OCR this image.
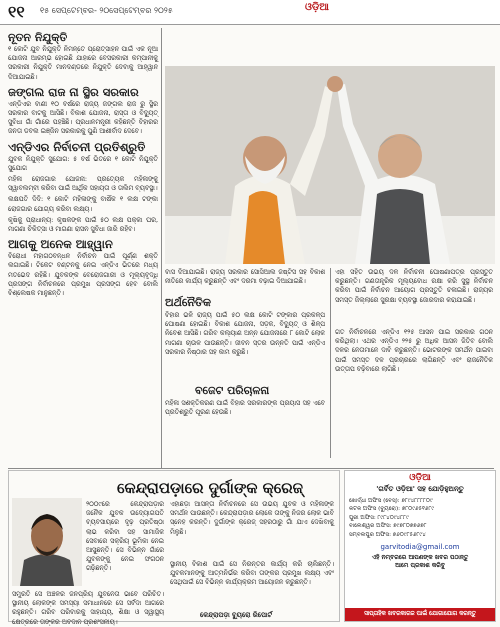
୧୧ ୧୫ ସେପ୍ଟେମ୍ବର- ୨୦ସେପ୍ଟେମ୍ବର ୨୦୨୫	ଓଡ଼ିଆ
ନୂତନ ନିଯୁକ୍ତି
୧ କୋଟି ଯୁବ ନିଯୁକ୍ତି ନିମନ୍ତେ ପ୍ରୋତ୍ସାହନ ପାଇଁ ଏକ ନୂଆ ଯୋଜନା ଆରମ୍ଭ ହୋଇଛି ଯାହାରେ ବେସରକାରୀ କମ୍ପାନୀକୁ ସରକାରୀ ନିଯୁକ୍ତି ମାନଦଣ୍ଡରେ ନିଯୁକ୍ତି ଦେବାକୁ ଆହ୍ୱାନ ଦିଆଯାଇଛି।
ଜଙ୍ଗଲ ରାଜ ନା ସ୍ଥିର ସରକାର
ଏନ୍‌ଡିଏର ବାଣୀ ୧୦ ବର୍ଷରେ ରାଜ୍ୟ ଜଙ୍ଗଲ ରାଜ ରୁ ସ୍ଥିର ସରକାର ବାଟକୁ ଆସିଛି। ବିକାଶ ଯୋଜନା, ରାସ୍ତା ଓ ବିଦ୍ୟୁତ୍ ସୁବିଧା ଗାଁ ଗାଁରେ ପହଞ୍ଚିଛି। ପ୍ରଧାନମନ୍ତ୍ରୀ କହିଛନ୍ତି ବିହାରର ଜନତା ଡବଲ ଇଞ୍ଜିନ ସରକାରକୁ ପୁଣି ଆଶୀର୍ବାଦ ଦେବେ।
ଏନ୍‌ଡିଏର ନିର୍ବାଚନୀ ପ୍ରତିଶ୍ରୁତି
ଯୁବକ ନିଯୁକ୍ତି ସୁଯୋଗ: ୫ ବର୍ଷ ଭିତରେ ୧ କୋଟି ନିଯୁକ୍ତି ସୁଯୋଗ
ମହିଳା ରୋଜଗାର ଯୋଜନା: ପ୍ରତ୍ୟେକ ମହିଳାଙ୍କୁ ସ୍ୱାବଲମ୍ବୀ କରିବା ପାଇଁ ଆର୍ଥିକ ସହାୟତା ଓ ତାଲିମ ବ୍ୟବସ୍ଥା।
ଲକ୍ଷପତି ଦିଦି: ୧ କୋଟି ମହିଳାଙ୍କୁ ବାର୍ଷିକ ୧ ଲକ୍ଷ ଟଙ୍କା ରୋଜଗାର ଯୋଗ୍ୟ କରିବା ଲକ୍ଷ୍ୟ।
କୃଷିକୁ ପ୍ରାଧାନ୍ୟ: କୃଷକଙ୍କ ପାଇଁ ୫୦ ଲକ୍ଷ ପକ୍କା ଘର, ମାଗଣା ଚିକିତ୍ସା ଓ ମାଗଣା ରାସନ ସୁବିଧା ଜାରି ରହିବ।
ଆଗକୁ ଅନେକ ଆହ୍ୱାନ
ବିରୋଧୀ ମହାଗଠବନ୍ଧନ ନିର୍ବାଚନ ପାଇଁ ପୂର୍ଣ୍ଣ ଶକ୍ତି ଲଗାଇଛି। ଟିକେଟ ବଣ୍ଟନକୁ ନେଇ ଏନ୍‌ଡିଏ ଭିତରେ ମଧ୍ୟ ମତଭେଦ ରହିଛି। ଯୁବକଙ୍କ ବେରୋଜଗାରୀ ଓ ମୂଲ୍ୟବୃଦ୍ଧି ପ୍ରସଙ୍ଗ ନିର୍ବାଚନରେ ପ୍ରମୁଖ ପ୍ରସଙ୍ଗ ହେବ ବୋଲି ବିଶ୍ଲେଷକ ମାନୁଛନ୍ତି।
ବାସ ଦିଆଯାଇଛି। ରାଜ୍ୟ ସରକାର ସୋସିଆଲ ଜଷ୍ଟିସ ସହ ବିକାଶ ନୀତିରେ କାର୍ଯ୍ୟ କରୁଛନ୍ତି ଏବଂ ଦରମା ବଢ଼ାଇ ଦିଆଯାଇଛି।
ଅର୍ଥନୈତିକ
ବିହାର ଭଳି ରାଜ୍ୟ ପାଇଁ ୫୦ ଲକ୍ଷ କୋଟି ଟଙ୍କାର ପ୍ରକଳ୍ପ ଘୋଷଣା ହୋଇଛି। ବିକାଶ ଯୋଜନା, ସଡ଼କ, ବିଦ୍ୟୁତ୍ ଓ ଶିଳ୍ପ ନିବେଶ ଆସିଛି। ଗରିବ କଲ୍ୟାଣ ଅନ୍ନ ଯୋଜନାରେ ୮ କୋଟି ଲୋକ ମାଗଣା ଚାଉଳ ପାଉଛନ୍ତି। ଜୀବନ ସ୍ତର ଉନ୍ନତି ପାଇଁ ଏନ୍‌ଡିଏ ସରକାର ନିଷ୍ଠାର ସହ କାମ କରୁଛି।
ବଜେଟ ପରିଚାଳନା
ମହିଳା ସଶକ୍ତିକରଣ ପାଇଁ ବିହାର ସରକାରଙ୍କ ପ୍ରୟାସ ସହ ଏବେ ପ୍ରତିଶ୍ରୁତି ପୂରଣ ହେଉଛି।
ଏହା ସହିତ ଉଭୟ ଦଳ ନିର୍ବାଚନୀ ଘୋଷଣାପତ୍ର ପ୍ରସ୍ତୁତ କରୁଛନ୍ତି। ଗଣତାନ୍ତ୍ରିକ ମୂଲ୍ୟବୋଧ ରକ୍ଷା କରି ସୁସ୍ଥ ନିର୍ବାଚନ କରିବା ପାଇଁ ନିର୍ବାଚନ ଆୟୋଗ ପ୍ରସ୍ତୁତି ଚଳାଇଛି। ରାଜ୍ୟର ସମସ୍ତ ଜିଲ୍ଲାରେ ସୁରକ୍ଷା ବ୍ୟବସ୍ଥା ଜୋରଦାର କରାଯାଇଛି।
ଗତ ନିର୍ବାଚନରେ ଏନ୍‌ଡିଏ ୧୨୫ ଆସନ ପାଇ ସରକାର ଗଠନ କରିଥିଲା। ଏଥର ଏନ୍‌ଡିଏ ୨୨୫ ରୁ ଅଧିକ ଆସନ ଜିତିବ ବୋଲି ଦଳର ନେତାମାନେ ଦାବି କରୁଛନ୍ତି। ଭୋଟରଙ୍କ ସମର୍ଥନ ପାଇବା ପାଇଁ ସମସ୍ତ ଦଳ ପ୍ରଚାରରେ ଲାଗିଛନ୍ତି ଏବଂ ରାଜନୈତିକ ଉତ୍ତାପ ବଢ଼ିବାରେ ଲାଗିଛି।
କେନ୍ଦ୍ରାପଡ଼ାରେ ଦୁର୍ଗାଙ୍କ କ୍ରେଜ୍
୨୦୦୯ରେ କେନ୍ଦ୍ରାପଡ଼ାର ଜନୈକ ଯୁବକ ଉଦ୍ୟୋଗପତି ବ୍ୟବସାୟରେ ଦୃଢ଼ ପ୍ରତିଷ୍ଠା ଲାଭ କରିବା ସହ ସାମାଜିକ ସେବାରେ ସକ୍ରିୟ ଭୂମିକା ନେଇ ଆସୁଛନ୍ତି। ସେ ବିଭିନ୍ନ ଗାଁରେ ଯୁବକଙ୍କୁ ନେଇ ସଂଗଠନ ଗଢ଼ିଛନ୍ତି।
ସମ୍ପ୍ରତି ସେ ଅଞ୍ଚଳର ଜନପ୍ରିୟ ଯୁବନେତା ଭାବେ ପରିଚିତ। ସ୍ଥାନୀୟ ଲୋକଙ୍କ ସମସ୍ୟା ସମାଧାନରେ ସେ ସର୍ବଦା ଆଗରେ ରହୁଛନ୍ତି। ଗରିବ ପରିବାରକୁ ସାହାଯ୍ୟ, ଶିକ୍ଷା ଓ ସ୍ୱାସ୍ଥ୍ୟ କ୍ଷେତ୍ରରେ ତାଙ୍କର ଅବଦାନ ପ୍ରଶଂସନୀୟ।
ଏହାଛଡ଼ା ଆସନ୍ତା ନିର୍ବାଚନରେ ସେ ଉଭୟ ଯୁବକ ଓ ମହିଳାଙ୍କ ସମର୍ଥନ ପାଉଛନ୍ତି। କେନ୍ଦ୍ରାପଡ଼ାର ଲୋକେ ତାଙ୍କୁ ନିଜର ଲୋକ ଭାବି ସ୍ନେହ କରନ୍ତି। ଦୁର୍ଗାଙ୍କ କ୍ରେଜ୍ ସହରଠାରୁ ଗାଁ ଯାଏ ଦେଖିବାକୁ ମିଳୁଛି।
ସ୍ଥାନୀୟ ବିକାଶ ପାଇଁ ସେ ନିରନ୍ତର କାର୍ଯ୍ୟ କରି ଚାଲିଛନ୍ତି। ଯୁବକମାନଙ୍କୁ ଆତ୍ମନିର୍ଭର କରିବା ତାଙ୍କର ପ୍ରମୁଖ ଲକ୍ଷ୍ୟ ଏବଂ ସେଥିପାଇଁ ସେ ବିଭିନ୍ନ କାର୍ଯ୍ୟକ୍ରମ ଆୟୋଜନ କରୁଛନ୍ତି।
କେନ୍ଦ୍ରାପଡ଼ା ବ୍ୟୁରୋ ରିପୋର୍ଟ
ଓଡ଼ିଆ
'ଗର୍ବିତ ଓଡ଼ିଆ' ସହ ଯୋଡ଼ିହୁଅନ୍ତୁ
ଖୋର୍ଦ୍ଧା ଅଫିସ (ବେସ୍): ୭୮୯୪୮୮୮୮୦୯
କଟକ ଅଫିସ (ବ୍ୟୁରୋ): ୭୮୦୯୬୫୧୬୮୯
ପୁରୀ ଅଫିସ: ୮୯୮୪୦୯୪୮୮୯
ବାଲେଶ୍ୱର ଅଫିସ: ୭୯୭୮୦୭୭୬୭୮
ସମ୍ବଲପୁର ଅଫିସ: ୭୬୦୯୮୫୬୮୯୪
garvitodia@gmail.com
ଏହି ନମ୍ବରରେ ଆପଣଙ୍କ ଖବର ପଠାନ୍ତୁ
ଆମେ ପ୍ରକାଶ କରିବୁ
ସାପ୍ତାହିକ ଖବରକାଗଜ ପାଇଁ ଯୋଗାଯୋଗ କରନ୍ତୁ
